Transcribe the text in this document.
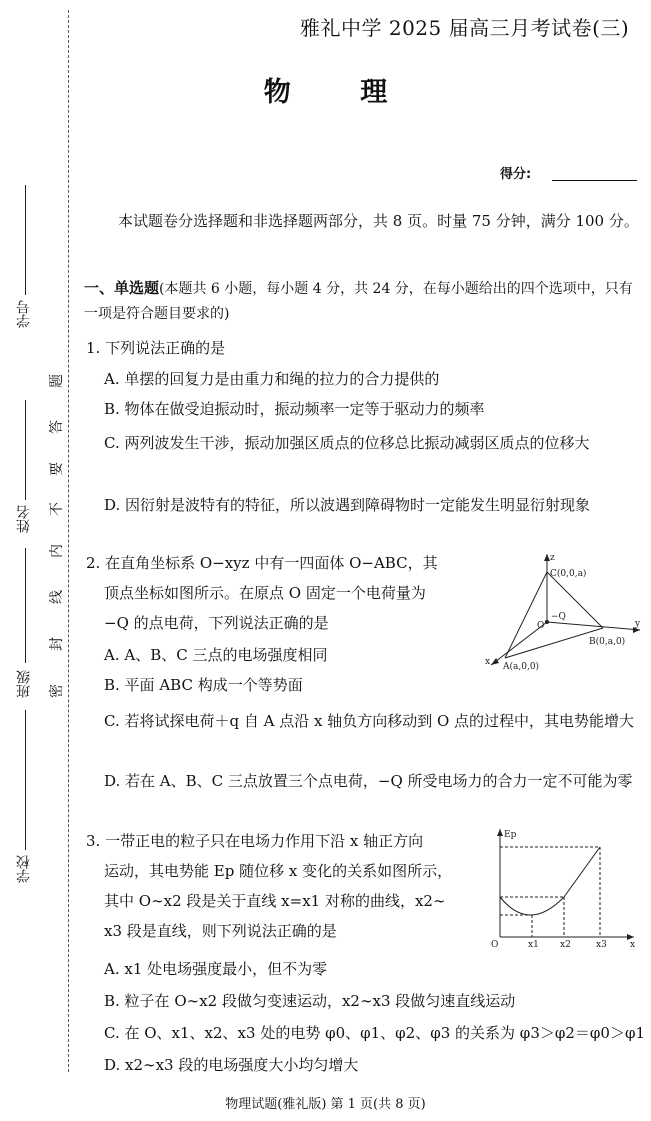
学号
姓名
班级
学校
题
答
要
不
内
线
封
密
雅礼中学 2025 届高三月考试卷(三)
物 理
得分:
本试题卷分选择题和非选择题两部分，共 8 页。时量 75 分钟，满分 100 分。
一、单选题(本题共 6 小题，每小题 4 分，共 24 分，在每小题给出的四个选项中，只有一项是符合题目要求的)
1. 下列说法正确的是
A. 单摆的回复力是由重力和绳的拉力的合力提供的
B. 物体在做受迫振动时，振动频率一定等于驱动力的频率
C. 两列波发生干涉，振动加强区质点的位移总比振动减弱区质点的位移大
D. 因衍射是波特有的特征，所以波遇到障碍物时一定能发生明显衍射现象
2. 在直角坐标系 O−xyz 中有一四面体 O−ABC，其
顶点坐标如图所示。在原点 O 固定一个电荷量为
−Q 的点电荷，下列说法正确的是
A. A、B、C 三点的电场强度相同
B. 平面 ABC 构成一个等势面
C. 若将试探电荷＋q 自 A 点沿 x 轴负方向移动到 O 点的过程中，其电势能增大
D. 若在 A、B、C 三点放置三个点电荷，−Q 所受电场力的合力一定不可能为零
z
C(0,0,a)
O
−Q
y
B(0,a,0)
A(a,0,0)
x
3. 一带正电的粒子只在电场力作用下沿 x 轴正方向
运动，其电势能 Ep 随位移 x 变化的关系如图所示，
其中 O∼x2 段是关于直线 x=x1 对称的曲线，x2∼
x3 段是直线，则下列说法正确的是
A. x1 处电场强度最小，但不为零
B. 粒子在 O∼x2 段做匀变速运动，x2∼x3 段做匀速直线运动
C. 在 O、x1、x2、x3 处的电势 φ0、φ1、φ2、φ3 的关系为 φ3＞φ2＝φ0＞φ1
D. x2∼x3 段的电场强度大小均匀增大
Ep
O	x1 x2	x3	x
物理试题(雅礼版) 第 1 页(共 8 页)
